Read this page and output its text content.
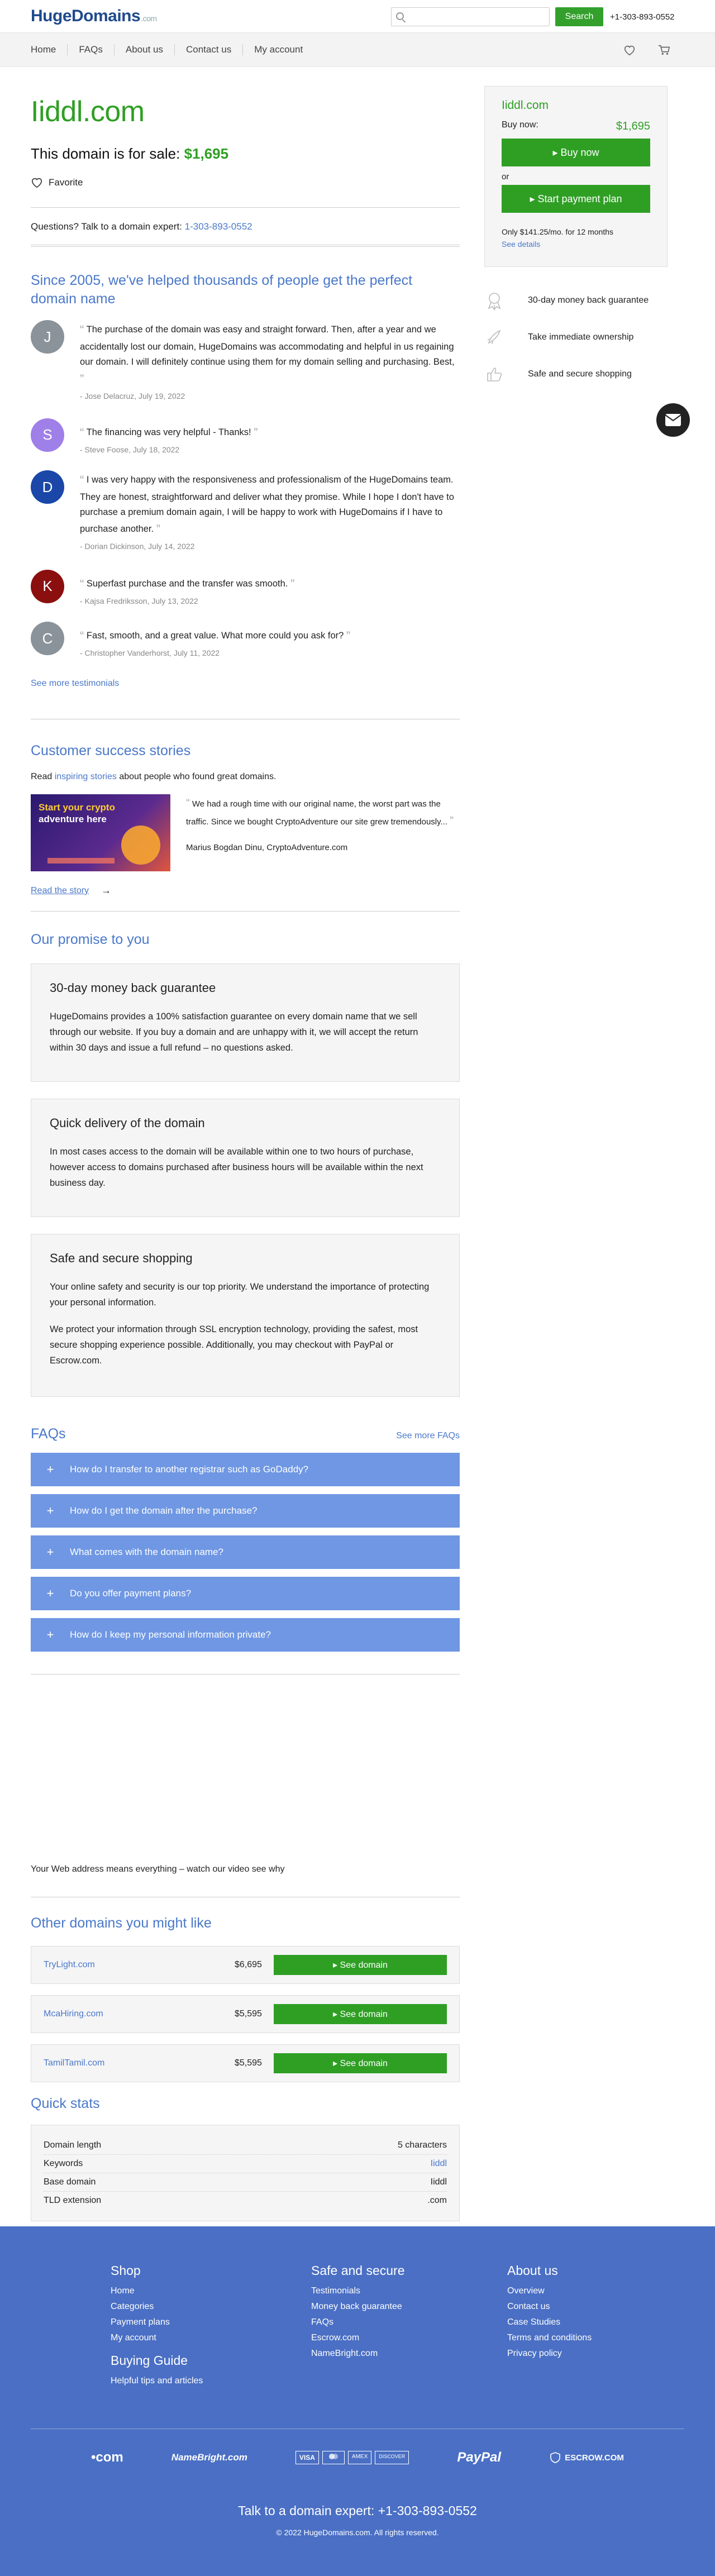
Huge Domains .com	Search	+1-303-893-0552
Home	FAQs	About us	Contact us	My account
Iiddl.com
This domain is for sale: $1,695
Favorite
Questions? Talk to a domain expert: 1-303-893-0552
Since 2005, we've helped thousands of people get the perfect domain name
J	“ The purchase of the domain was easy and straight forward. Then, after a year and we accidentally lost our domain, HugeDomains was accommodating and helpful in us regaining our domain. I will definitely continue using them for my domain selling and purchasing. Best, ”
- Jose Delacruz, July 19, 2022
S	“ The financing was very helpful - Thanks! ”
- Steve Foose, July 18, 2022
D	“ I was very happy with the responsiveness and professionalism of the HugeDomains team. They are honest, straightforward and deliver what they promise. While I hope I don't have to purchase a premium domain again, I will be happy to work with HugeDomains if I have to purchase another. ”
- Dorian Dickinson, July 14, 2022
K	“ Superfast purchase and the transfer was smooth. ”
- Kajsa Fredriksson, July 13, 2022
C	“ Fast, smooth, and a great value. What more could you ask for? ”
- Christopher Vanderhorst, July 11, 2022
See more testimonials
Customer success stories
Read inspiring stories about people who found great domains.
Start your crypto
adventure here
“ We had a rough time with our original name, the worst part was the traffic. Since we bought CryptoAdventure our site grew tremendously... ”
Marius Bogdan Dinu, CryptoAdventure.com
Read the story →
Our promise to you
30-day money back guarantee

HugeDomains provides a 100% satisfaction guarantee on every domain name that we sell through our website. If you buy a domain and are unhappy with it, we will accept the return within 30 days and issue a full refund – no questions asked.

Quick delivery of the domain

In most cases access to the domain will be available within one to two hours of purchase, however access to domains purchased after business hours will be available within the next business day.

Safe and secure shopping

Your online safety and security is our top priority. We understand the importance of protecting your personal information.

We protect your information through SSL encryption technology, providing the safest, most secure shopping experience possible. Additionally, you may checkout with PayPal or Escrow.com.

FAQs	See more FAQs
+	How do I transfer to another registrar such as GoDaddy?
+	How do I get the domain after the purchase?
+	What comes with the domain name?
+	Do you offer payment plans?
+	How do I keep my personal information private?
Your Web address means everything – watch our video see why
Other domains you might like
TryLight.com	$6,695	▸ See domain
McaHiring.com	$5,595	▸ See domain
TamilTamil.com	$5,595	▸ See domain
Quick stats
Domain length	5 characters
Keywords	Iiddl
Base domain	Iiddl
TLD extension	.com
Iiddl.com
Buy now:	$1,695
▸ Buy now
or
▸ Start payment plan
Only $141.25/mo. for 12 months
See details
30-day money back guarantee
Take immediate ownership
Safe and secure shopping
Shop
Home
Categories
Payment plans
My account
Buying Guide
Helpful tips and articles
Safe and secure
Testimonials
Money back guarantee
FAQs
Escrow.com
NameBright.com
About us
Overview
Contact us
Case Studies
Terms and conditions
Privacy policy
•com	NameBright.com	VISA	AMEX	DISCOVER	PayPal	ESCROW.COM
Talk to a domain expert: +1-303-893-0552
© 2022 HugeDomains.com. All rights reserved.
